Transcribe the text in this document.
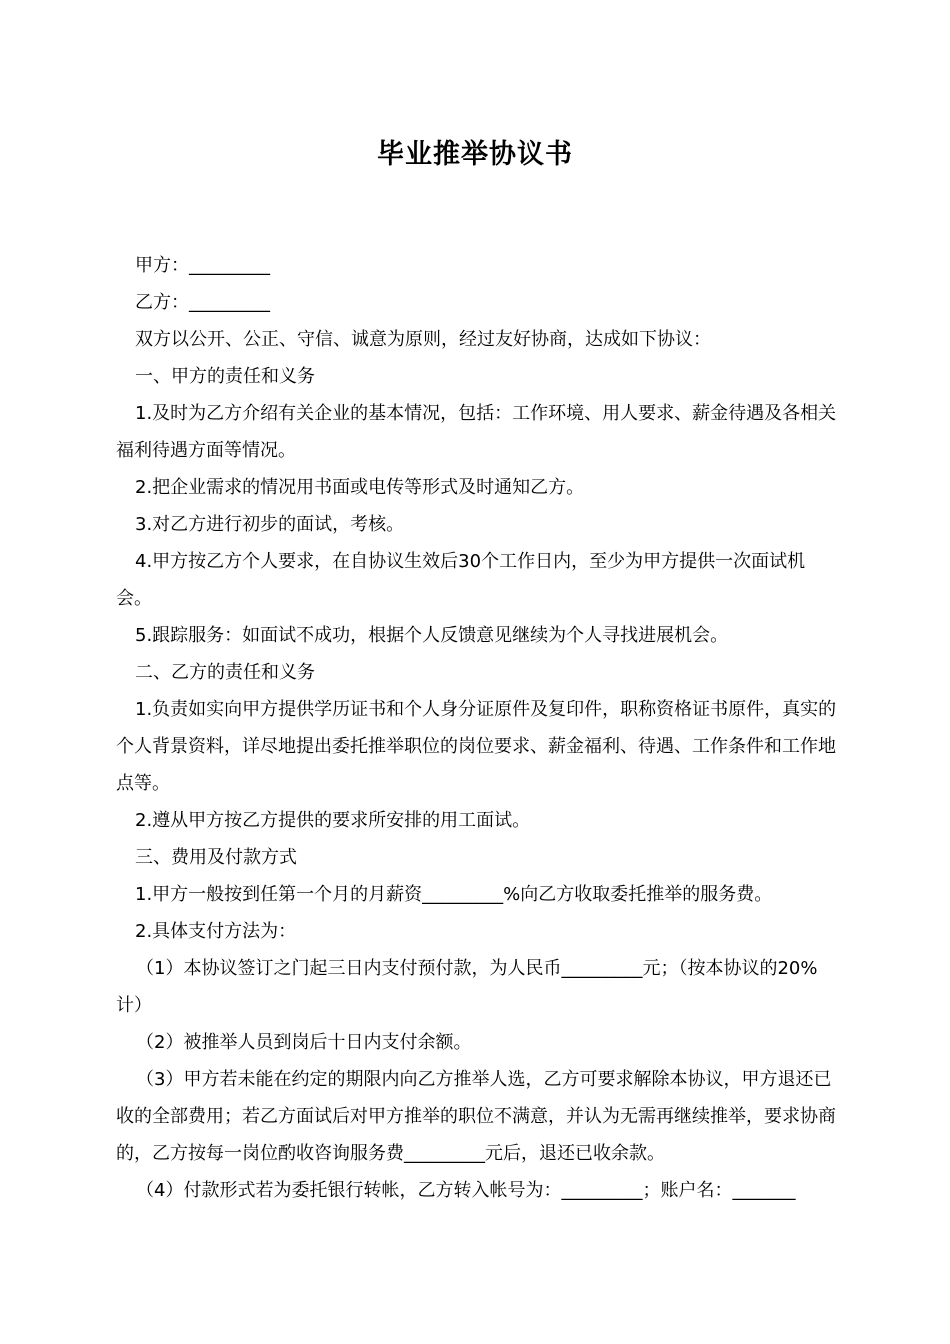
毕业推举协议书

甲方：_________

乙方：_________

双方以公开、公正、守信、诚意为原则，经过友好协商，达成如下协议：

一、甲方的责任和义务

1.及时为乙方介绍有关企业的基本情况，包括：工作环境、用人要求、薪金待遇及各相关福利待遇方面等情况。

2.把企业需求的情况用书面或电传等形式及时通知乙方。

3.对乙方进行初步的面试，考核。

4.甲方按乙方个人要求，在自协议生效后30个工作日内，至少为甲方提供一次面试机会。

5.跟踪服务：如面试不成功，根据个人反馈意见继续为个人寻找进展机会。

二、乙方的责任和义务

1.负责如实向甲方提供学历证书和个人身分证原件及复印件，职称资格证书原件，真实的个人背景资料，详尽地提出委托推举职位的岗位要求、薪金福利、待遇、工作条件和工作地点等。

2.遵从甲方按乙方提供的要求所安排的用工面试。

三、费用及付款方式

1.甲方一般按到任第一个月的月薪资_________%向乙方收取委托推举的服务费。

2.具体支付方法为：

（1）本协议签订之门起三日内支付预付款，为人民币_________元；（按本协议的20%计）

（2）被推举人员到岗后十日内支付余额。

（3）甲方若未能在约定的期限内向乙方推举人选，乙方可要求解除本协议，甲方退还已收的全部费用；若乙方面试后对甲方推举的职位不满意，并认为无需再继续推举，要求协商的，乙方按每一岗位酌收咨询服务费_________元后，退还已收余款。

（4）付款形式若为委托银行转帐，乙方转入帐号为：_________；账户名：_______
